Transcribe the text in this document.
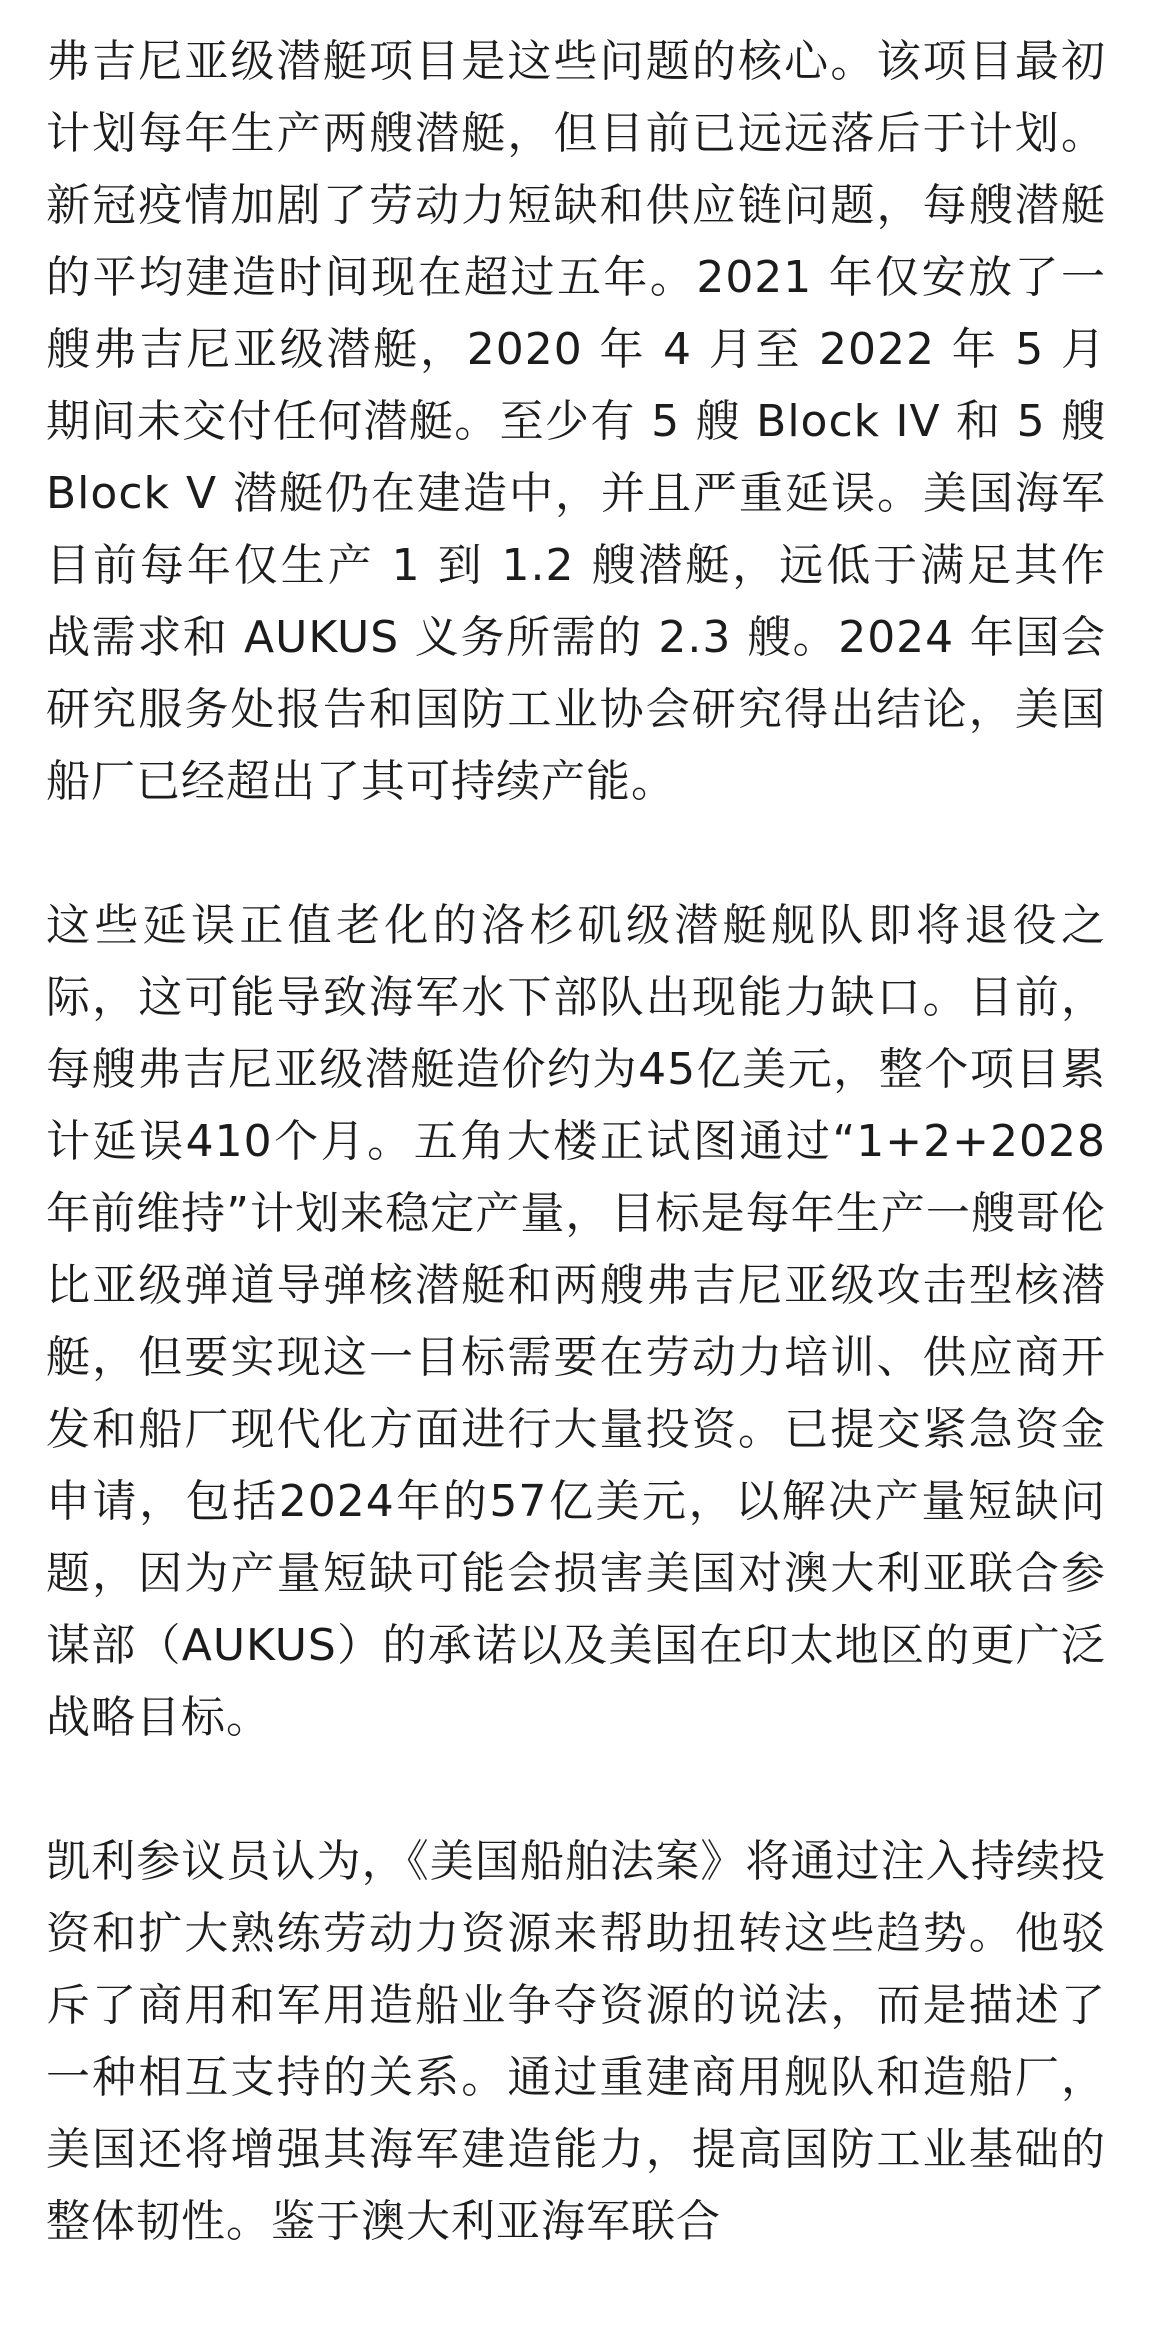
弗吉尼亚级潜艇项目是这些问题的核心。该项目最初计划每年生产两艘潜艇，但目前已远远落后于计划。新冠疫情加剧了劳动力短缺和供应链问题，每艘潜艇的平均建造时间现在超过五年。2021 年仅安放了一艘弗吉尼亚级潜艇，2020 年 4 月至 2022 年 5 月期间未交付任何潜艇。至少有 5 艘 Block IV 和 5 艘 Block V 潜艇仍在建造中，并且严重延误。美国海军目前每年仅生产 1 到 1.2 艘潜艇，远低于满足其作战需求和 AUKUS 义务所需的 2.3 艘。2024 年国会研究服务处报告和国防工业协会研究得出结论，美国船厂已经超出了其可持续产能。

这些延误正值老化的洛杉矶级潜艇舰队即将退役之际，这可能导致海军水下部队出现能力缺口。目前，每艘弗吉尼亚级潜艇造价约为45亿美元，整个项目累计延误410个月。五角大楼正试图通过“1+2+2028年前维持”计划来稳定产量，目标是每年生产一艘哥伦比亚级弹道导弹核潜艇和两艘弗吉尼亚级攻击型核潜艇，但要实现这一目标需要在劳动力培训、供应商开发和船厂现代化方面进行大量投资。已提交紧急资金申请，包括2024年的57亿美元，以解决产量短缺问题，因为产量短缺可能会损害美国对澳大利亚联合参谋部（AUKUS）的承诺以及美国在印太地区的更广泛战略目标。

凯利参议员认为，《美国船舶法案》将通过注入持续投资和扩大熟练劳动力资源来帮助扭转这些趋势。他驳斥了商用和军用造船业争夺资源的说法，而是描述了一种相互支持的关系。通过重建商用舰队和造船厂，美国还将增强其海军建造能力，提高国防工业基础的整体韧性。鉴于澳大利亚海军联合
